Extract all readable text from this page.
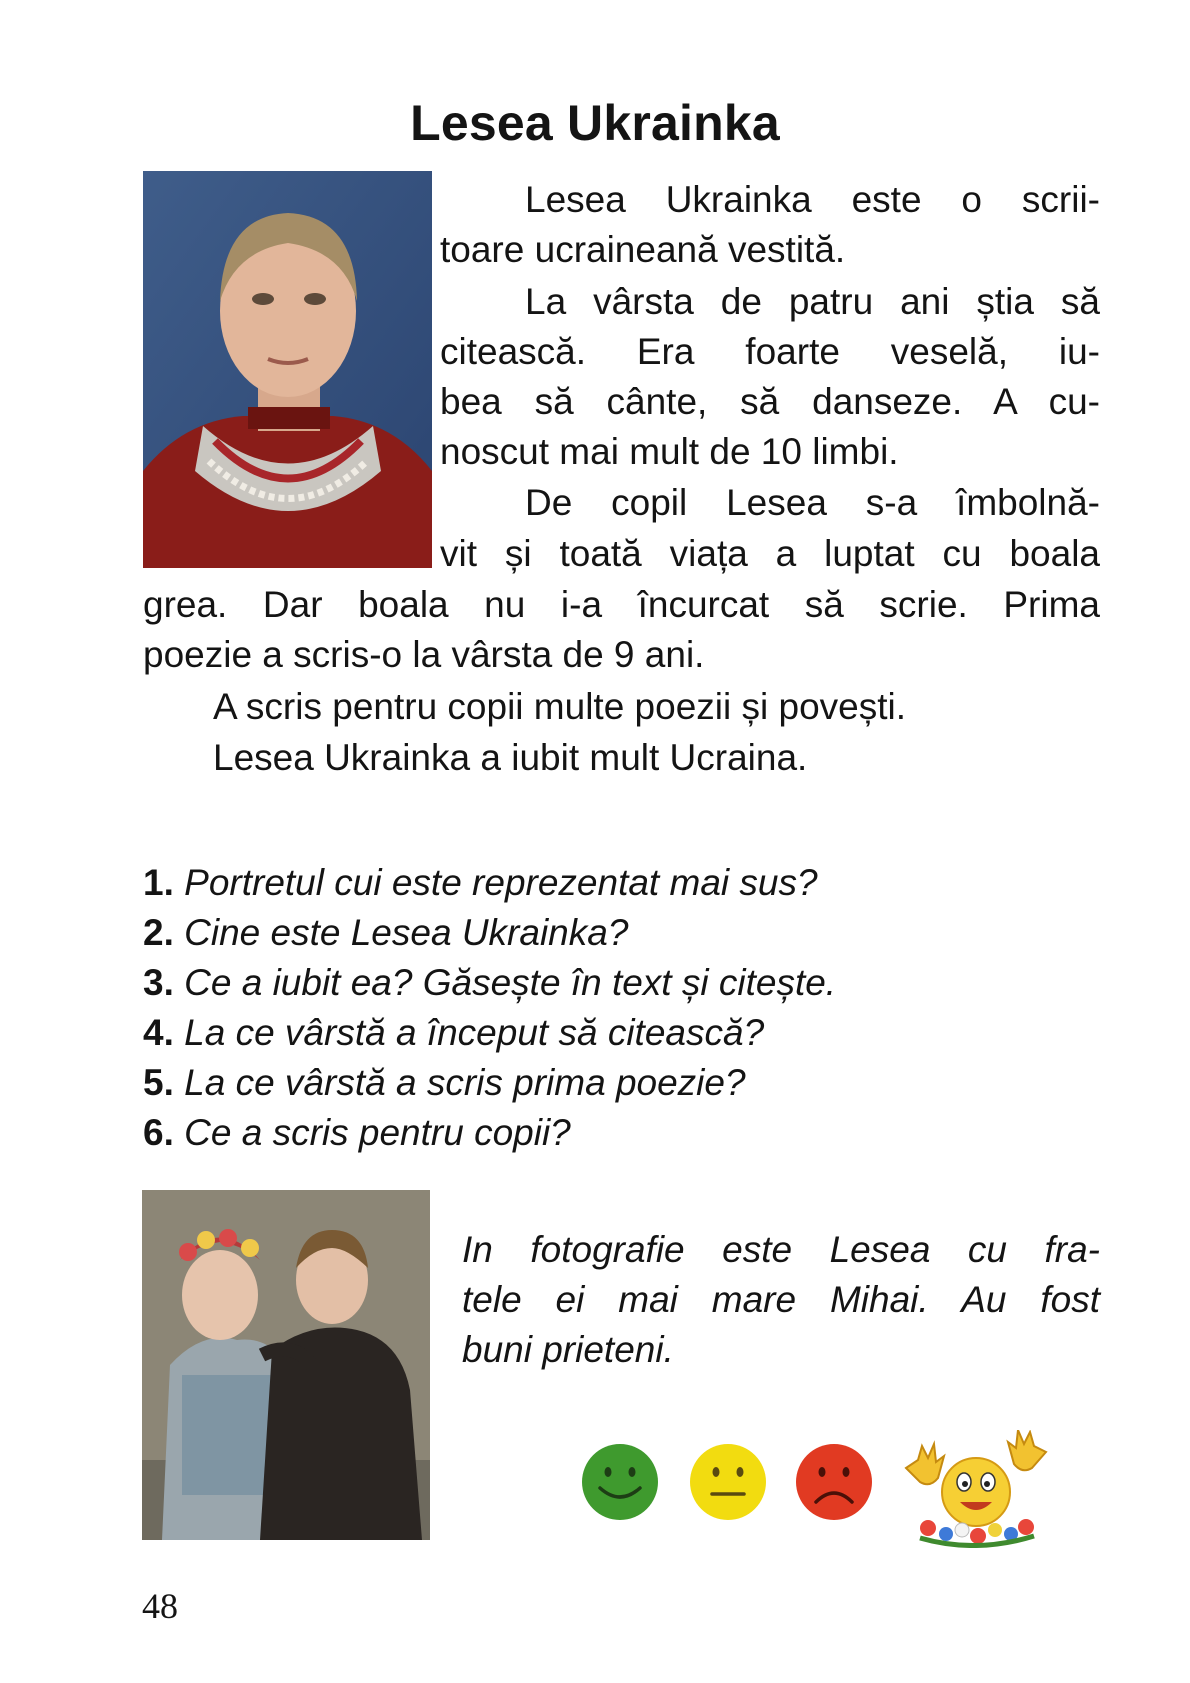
Lesea Ukrainka
Lesea Ukrainka este o scrii-
toare ucraineană vestită.
La vârsta de patru ani știa să
citească. Era foarte veselă, iu-
bea să cânte, să danseze. A cu-
noscut mai mult de 10 limbi.
De copil Lesea s-a îmbolnă-
vit și toată viața a luptat cu boala
grea. Dar boala nu i-a încurcat să scrie. Prima
poezie a scris-o la vârsta de 9 ani.
A scris pentru copii multe poezii și povești.
Lesea Ukrainka a iubit mult Ucraina.
1. Portretul cui este reprezentat mai sus?
2. Cine este Lesea Ukrainka?
3. Ce a iubit ea? Găsește în text și citește.
4. La ce vârstă a început să citească?
5. La ce vârstă a scris prima poezie?
6. Ce a scris pentru copii?
In fotografie este Lesea cu fra-
tele ei mai mare Mihai. Au fost
buni prieteni.
48
